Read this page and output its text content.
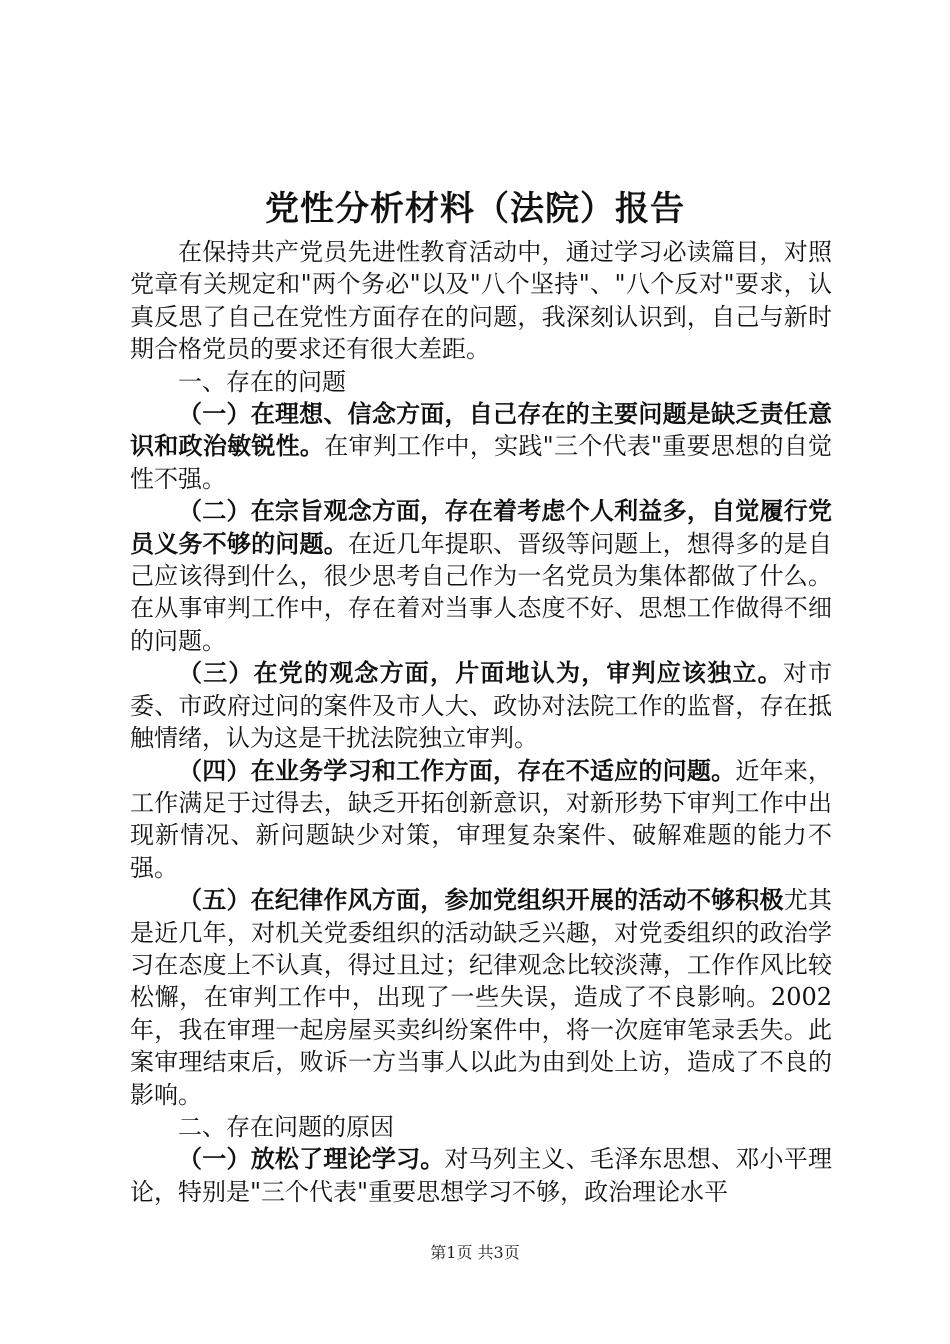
党性分析材料（法院）报告

在保持共产党员先进性教育活动中，通过学习必读篇目，对照党章有关规定和"两个务必"以及"八个坚持"、"八个反对"要求，认真反思了自己在党性方面存在的问题，我深刻认识到，自己与新时期合格党员的要求还有很大差距。

一、存在的问题

（一）在理想、信念方面，自己存在的主要问题是缺乏责任意识和政治敏锐性。在审判工作中，实践"三个代表"重要思想的自觉性不强。

（二）在宗旨观念方面，存在着考虑个人利益多，自觉履行党员义务不够的问题。在近几年提职、晋级等问题上，想得多的是自己应该得到什么，很少思考自己作为一名党员为集体都做了什么。在从事审判工作中，存在着对当事人态度不好、思想工作做得不细的问题。

（三）在党的观念方面，片面地认为，审判应该独立。对市委、市政府过问的案件及市人大、政协对法院工作的监督，存在抵触情绪，认为这是干扰法院独立审判。

（四）在业务学习和工作方面，存在不适应的问题。近年来，工作满足于过得去，缺乏开拓创新意识，对新形势下审判工作中出现新情况、新问题缺少对策，审理复杂案件、破解难题的能力不强。

（五）在纪律作风方面，参加党组织开展的活动不够积极尤其是近几年，对机关党委组织的活动缺乏兴趣，对党委组织的政治学习在态度上不认真，得过且过；纪律观念比较淡薄，工作作风比较松懈，在审判工作中，出现了一些失误，造成了不良影响。2002年，我在审理一起房屋买卖纠纷案件中，将一次庭审笔录丢失。此案审理结束后，败诉一方当事人以此为由到处上访，造成了不良的影响。

二、存在问题的原因

（一）放松了理论学习。对马列主义、毛泽东思想、邓小平理论，特别是"三个代表"重要思想学习不够，政治理论水平

第1页 共3页
